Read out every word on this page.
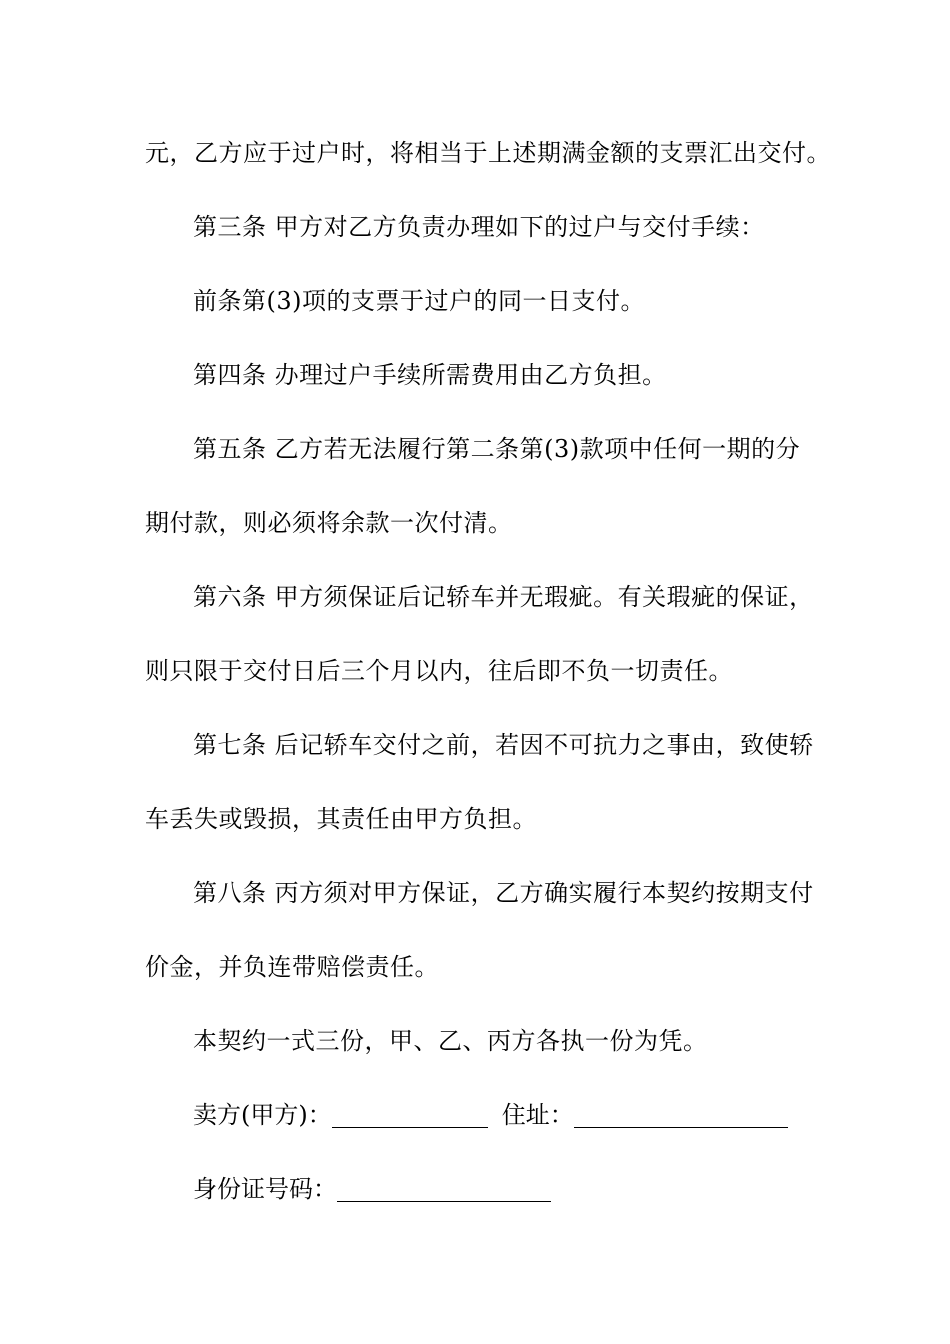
元，乙方应于过户时，将相当于上述期满金额的支票汇出交付。
第三条 甲方对乙方负责办理如下的过户与交付手续：
前条第(3)项的支票于过户的同一日支付。
第四条 办理过户手续所需费用由乙方负担。
第五条 乙方若无法履行第二条第(3)款项中任何一期的分
期付款，则必须将余款一次付清。
第六条 甲方须保证后记轿车并无瑕疵。有关瑕疵的保证，
则只限于交付日后三个月以内，往后即不负一切责任。
第七条 后记轿车交付之前，若因不可抗力之事由，致使轿
车丢失或毁损，其责任由甲方负担。
第八条 丙方须对甲方保证，乙方确实履行本契约按期支付
价金，并负连带赔偿责任。
本契约一式三份，甲、乙、丙方各执一份为凭。
卖方(甲方)：	住址：
身份证号码：
